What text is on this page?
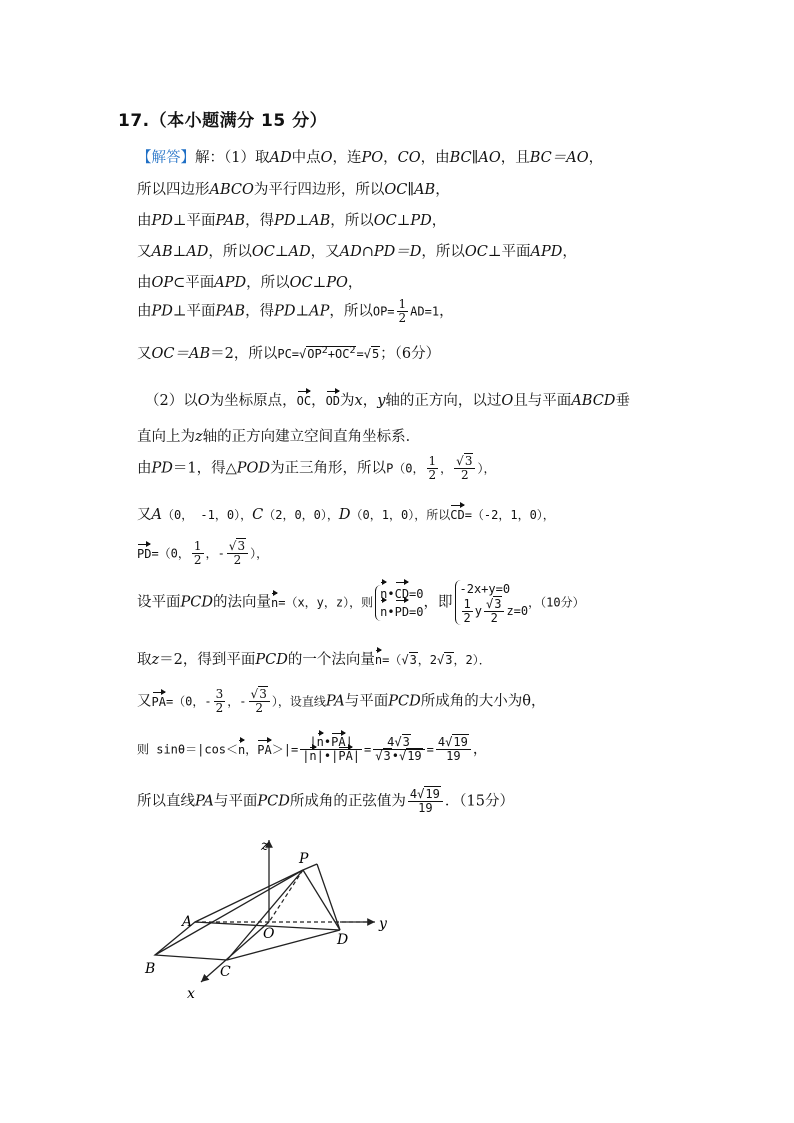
17.（本小题满分 15 分）
【解答】解：（1）取AD中点O，连PO，CO，由BC∥AO，且BC＝AO，
所以四边形ABCO为平行四边形，所以OC∥AB，
由PD⊥平面PAB，得PD⊥AB，所以OC⊥PD，
又AB⊥AD，所以OC⊥AD，又AD∩PD＝D，所以OC⊥平面APD，
由OP⊂平面APD，所以OC⊥PO，
由PD⊥平面PAB，得PD⊥AP，所以$OP= \frac{1}{2} AD=1$，
又OC＝AB＝2，所以$PC=√OP^2+OC^2=√5$；（6分）
（2）以O为坐标原点，OC，OD为x，y轴的正方向，以过O且与平面ABCD垂
直向上为z轴的正方向建立空间直角坐标系．
由PD＝1，得△POD为正三角形，所以P（0， $\frac{1}{2}$ ， $\frac{√3}{2}$ ），
又A（0， -1，0），C（2，0，0），D（0，1，0），所以CD=（-2，1，0），
PD=（0， $\frac{1}{2}$ ，- $\frac{√3}{2}$ ），
设平面PCD的法向量n=（x，y，z），则n•CD=0
n•PD=0，即-2x+y=0

$\frac{1}{2}$ y $\frac{√3}{2} z=0$，（10分）
取z＝2，得到平面PCD的一个法向量n=（√3，2√3，2）．
又PA=（0，- $\frac{3}{2}$ ，- $\frac{√3}{2}$ ），设直线PA与平面PCD所成角的大小为θ，
则 sinθ＝|cos＜n，$PA>|= \frac{|n•PA|}{|n|•|PA|} = \frac{4√3}{√3•√19} = \frac{4√19}{19}$ ，
所以直线PA与平面PCD所成角的正弦值为 $\frac{4√19}{19}$ ．（15分）
z
P
A
O	D
y
B	C
x
